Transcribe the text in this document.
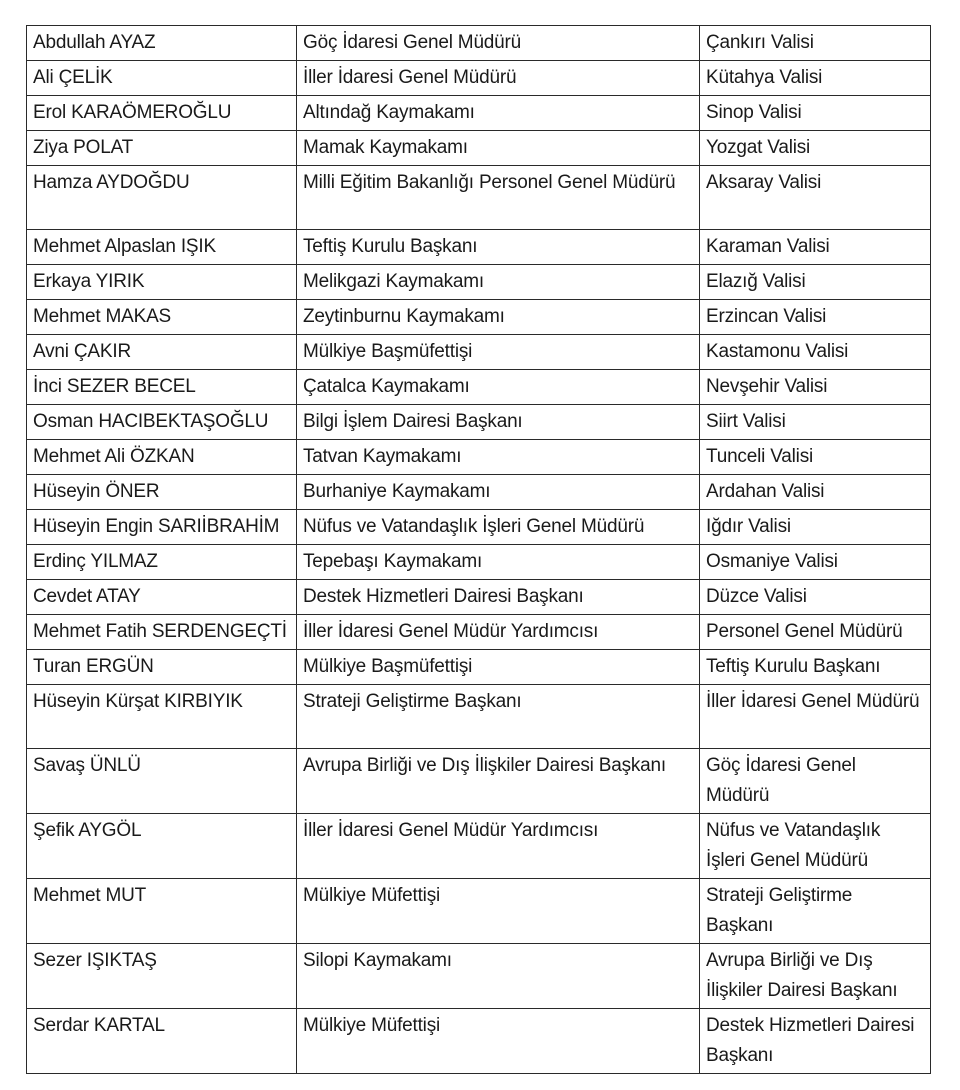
Abdullah AYAZ	Göç İdaresi Genel Müdürü	Çankırı Valisi
Ali ÇELİK	İller İdaresi Genel Müdürü	Kütahya Valisi
Erol KARAÖMEROĞLU	Altındağ Kaymakamı	Sinop Valisi
Ziya POLAT	Mamak Kaymakamı	Yozgat Valisi
Hamza AYDOĞDU	Milli Eğitim Bakanlığı Personel Genel Müdürü	Aksaray Valisi
Mehmet Alpaslan IŞIK	Teftiş Kurulu Başkanı	Karaman Valisi
Erkaya YIRIK	Melikgazi Kaymakamı	Elazığ Valisi
Mehmet MAKAS	Zeytinburnu Kaymakamı	Erzincan Valisi
Avni ÇAKIR	Mülkiye Başmüfettişi	Kastamonu Valisi
İnci SEZER BECEL	Çatalca Kaymakamı	Nevşehir Valisi
Osman HACIBEKTAŞOĞLU	Bilgi İşlem Dairesi Başkanı	Siirt Valisi
Mehmet Ali ÖZKAN	Tatvan Kaymakamı	Tunceli Valisi
Hüseyin ÖNER	Burhaniye Kaymakamı	Ardahan Valisi
Hüseyin Engin SARIİBRAHİM	Nüfus ve Vatandaşlık İşleri Genel Müdürü	Iğdır Valisi
Erdinç YILMAZ	Tepebaşı Kaymakamı	Osmaniye Valisi
Cevdet ATAY	Destek Hizmetleri Dairesi Başkanı	Düzce Valisi
Mehmet Fatih SERDENGEÇTİ	İller İdaresi Genel Müdür Yardımcısı	Personel Genel Müdürü
Turan ERGÜN	Mülkiye Başmüfettişi	Teftiş Kurulu Başkanı
Hüseyin Kürşat KIRBIYIK	Strateji Geliştirme Başkanı	İller İdaresi Genel Müdürü
Savaş ÜNLÜ	Avrupa Birliği ve Dış İlişkiler Dairesi Başkanı	Göç İdaresi Genel Müdürü
Şefik AYGÖL	İller İdaresi Genel Müdür Yardımcısı	Nüfus ve Vatandaşlık İşleri Genel Müdürü
Mehmet MUT	Mülkiye Müfettişi	Strateji Geliştirme Başkanı
Sezer IŞIKTAŞ	Silopi Kaymakamı	Avrupa Birliği ve Dış İlişkiler Dairesi Başkanı
Serdar KARTAL	Mülkiye Müfettişi	Destek Hizmetleri Dairesi Başkanı
